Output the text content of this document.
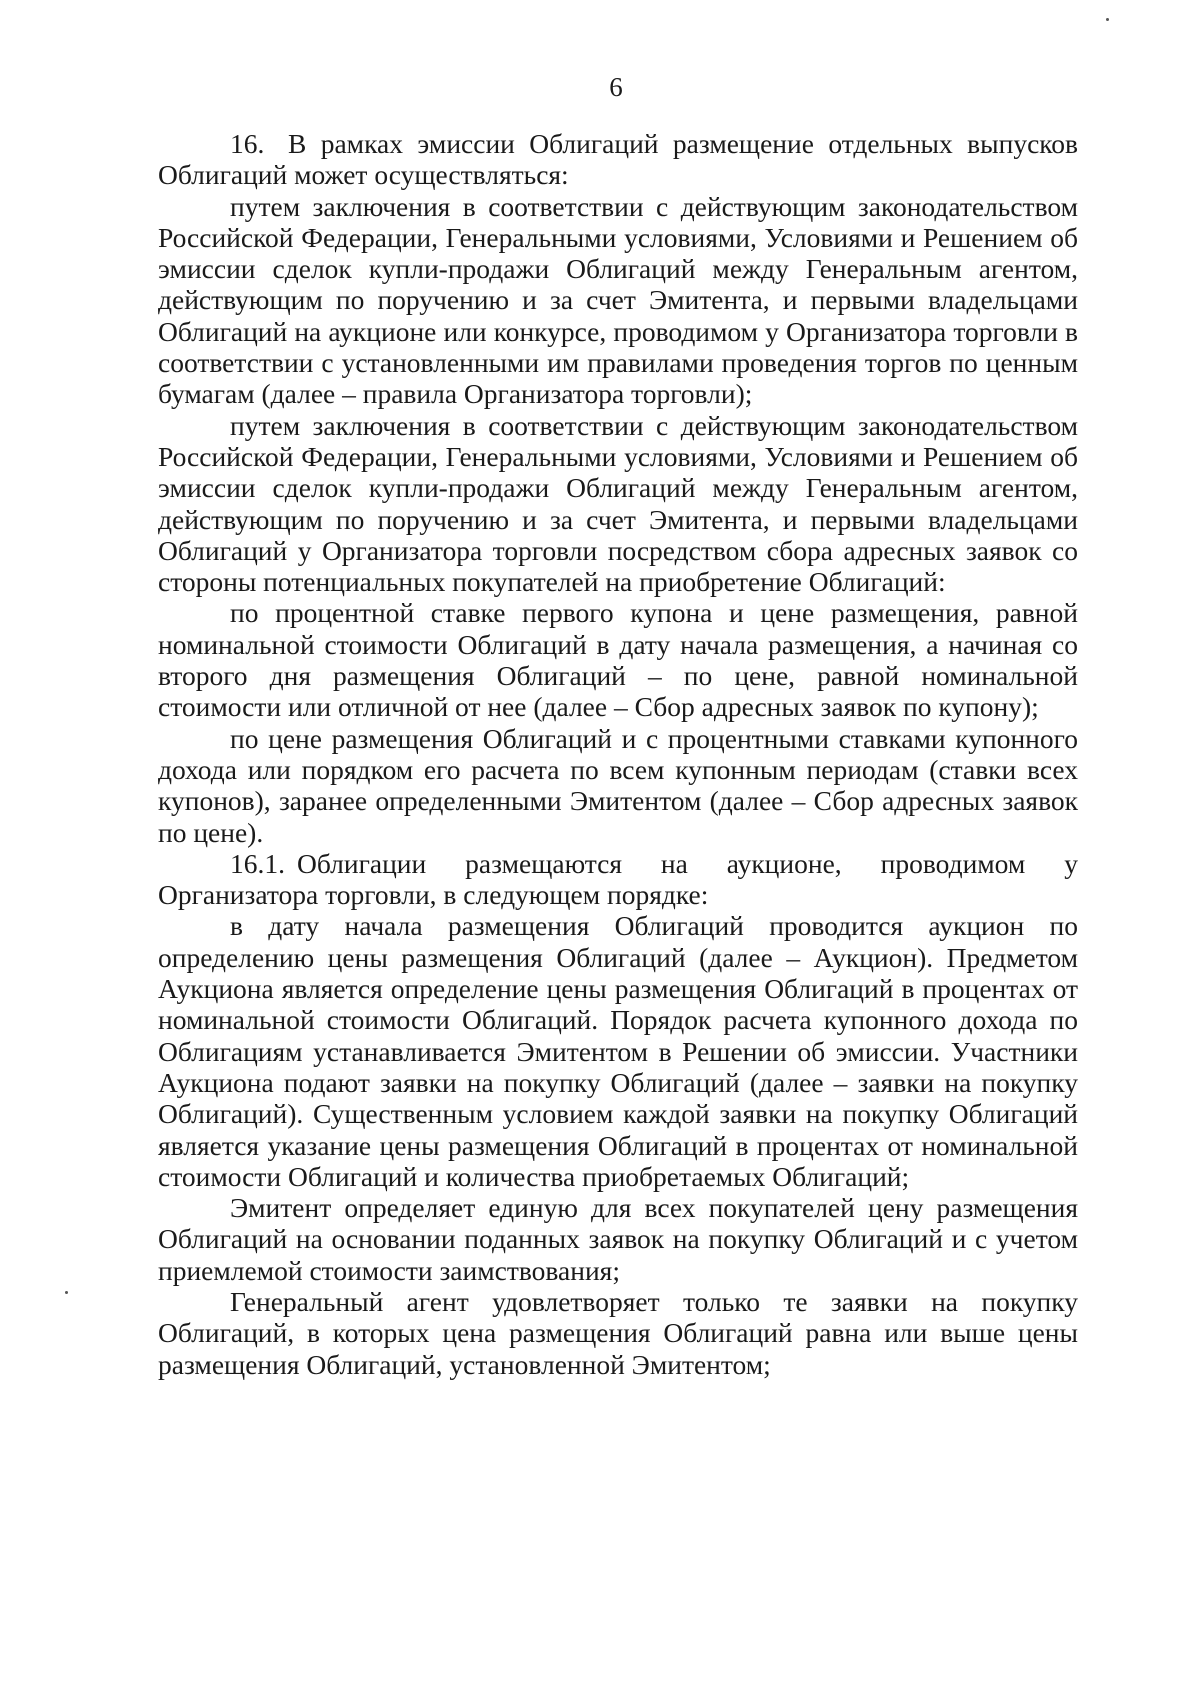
6

16. В рамках эмиссии Облигаций размещение отдельных выпусков Облигаций может осуществляться:

путем заключения в соответствии с действующим законодательством Российской Федерации, Генеральными условиями, Условиями и Решением об эмиссии сделок купли-продажи Облигаций между Генеральным агентом, действующим по поручению и за счет Эмитента, и первыми владельцами Облигаций на аукционе или конкурсе, проводимом у Организатора торговли в соответствии с установленными им правилами проведения торгов по ценным бумагам (далее – правила Организатора торговли);

путем заключения в соответствии с действующим законодательством Российской Федерации, Генеральными условиями, Условиями и Решением об эмиссии сделок купли-продажи Облигаций между Генеральным агентом, действующим по поручению и за счет Эмитента, и первыми владельцами Облигаций у Организатора торговли посредством сбора адресных заявок со стороны потенциальных покупателей на приобретение Облигаций:

по процентной ставке первого купона и цене размещения, равной номинальной стоимости Облигаций в дату начала размещения, а начиная со второго дня размещения Облигаций – по цене, равной номинальной стоимости или отличной от нее (далее – Сбор адресных заявок по купону);

по цене размещения Облигаций и с процентными ставками купонного дохода или порядком его расчета по всем купонным периодам (ставки всех купонов), заранее определенными Эмитентом (далее – Сбор адресных заявок по цене).

16.1. Облигации размещаются на аукционе, проводимом у Организатора торговли, в следующем порядке:

в дату начала размещения Облигаций проводится аукцион по определению цены размещения Облигаций (далее – Аукцион). Предметом Аукциона является определение цены размещения Облигаций в процентах от номинальной стоимости Облигаций. Порядок расчета купонного дохода по Облигациям устанавливается Эмитентом в Решении об эмиссии. Участники Аукциона подают заявки на покупку Облигаций (далее – заявки на покупку Облигаций). Существенным условием каждой заявки на покупку Облигаций является указание цены размещения Облигаций в процентах от номинальной стоимости Облигаций и количества приобретаемых Облигаций;

Эмитент определяет единую для всех покупателей цену размещения Облигаций на основании поданных заявок на покупку Облигаций и с учетом приемлемой стоимости заимствования;

Генеральный агент удовлетворяет только те заявки на покупку Облигаций, в которых цена размещения Облигаций равна или выше цены размещения Облигаций, установленной Эмитентом;
